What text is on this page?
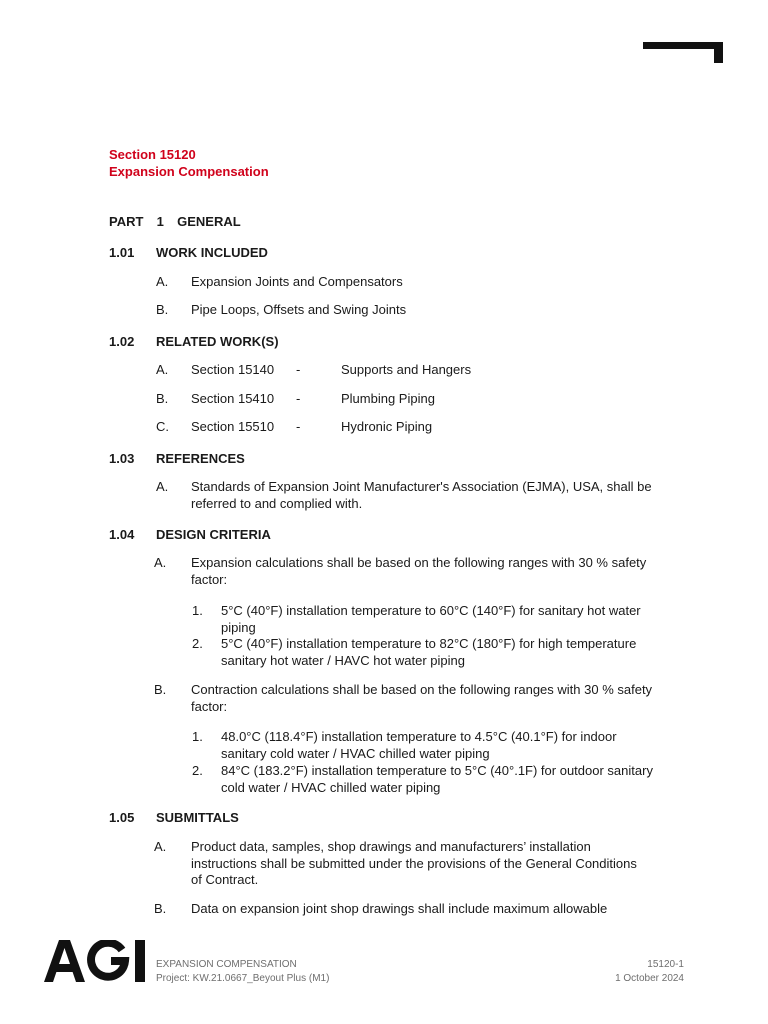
Section 15120
Expansion Compensation
PART  1  GENERAL
1.01 WORK INCLUDED
A. Expansion Joints and Compensators
B. Pipe Loops, Offsets and Swing Joints
1.02 RELATED WORK(S)
A. Section 15140 -	Supports and Hangers
B. Section 15410 -	Plumbing Piping
C. Section 15510 -	Hydronic Piping
1.03 REFERENCES
A. Standards of Expansion Joint Manufacturer's Association (EJMA), USA, shall be
referred to and complied with.
1.04 DESIGN CRITERIA
A. Expansion calculations shall be based on the following ranges with 30 % safety
factor:
1. 5°C (40°F) installation temperature to 60°C (140°F) for sanitary hot water
piping
2. 5°C (40°F) installation temperature to 82°C (180°F) for high temperature
sanitary hot water / HAVC hot water piping
B. Contraction calculations shall be based on the following ranges with 30 % safety
factor:
1. 48.0°C (118.4°F) installation temperature to 4.5°C (40.1°F) for indoor
sanitary cold water / HVAC chilled water piping
2. 84°C (183.2°F) installation temperature to 5°C (40°.1F) for outdoor sanitary
cold water / HVAC chilled water piping
1.05 SUBMITTALS
A. Product data, samples, shop drawings and manufacturers’ installation
instructions shall be submitted under the provisions of the General Conditions
of Contract.
B. Data on expansion joint shop drawings shall include maximum allowable
EXPANSION COMPENSATION
Project: KW.21.0667_Beyout Plus (M1)
15120-1
1 October 2024
